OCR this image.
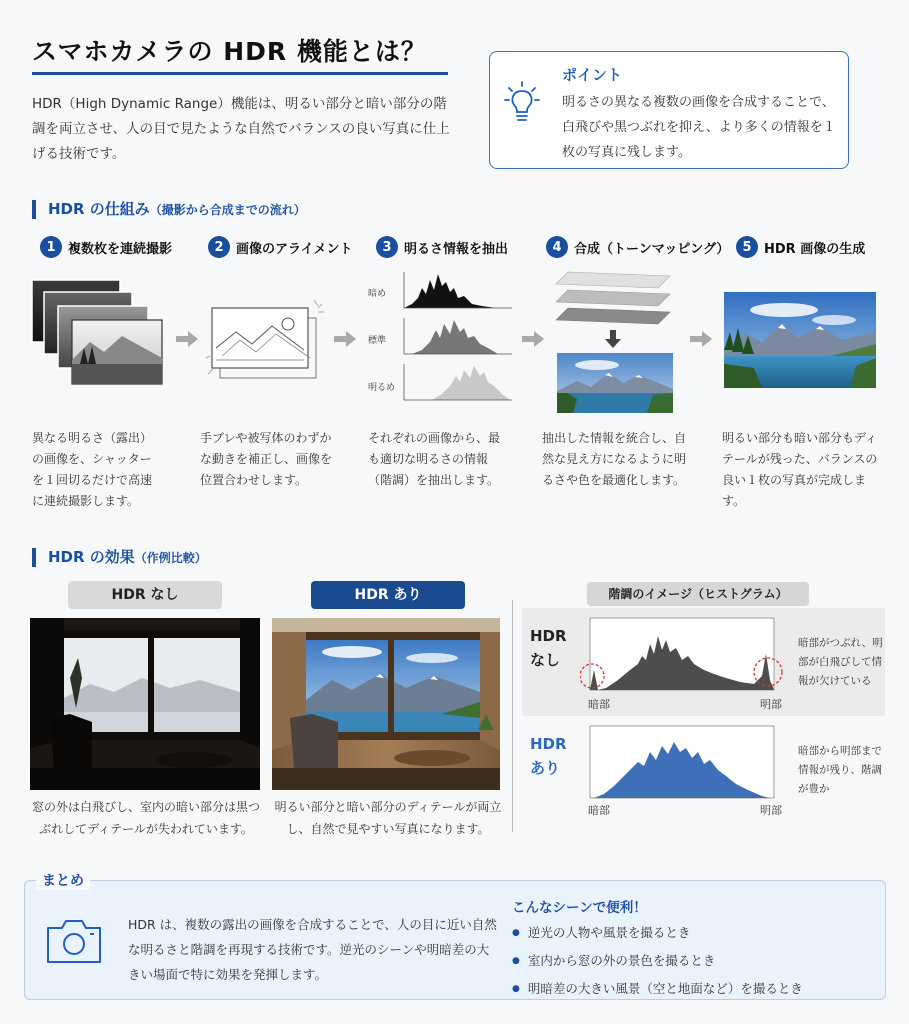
スマホカメラの HDR 機能とは？
HDR（High Dynamic Range）機能は、明るい部分と暗い部分の階調を両立させ、人の目で見たような自然でバランスの良い写真に仕上げる技術です。
ポイント
明るさの異なる複数の画像を合成することで、白飛びや黒つぶれを抑え、より多くの情報を１枚の写真に残します。
HDR の仕組み（撮影から合成までの流れ）
1 複数枚を連続撮影	2 画像のアライメント	3 明るさ情報を抽出	4 合成（トーンマッピング）	5 HDR 画像の生成
暗め
標準
明るめ
異なる明るさ（露出）の画像を、シャッターを１回切るだけで高速に連続撮影します。
手ブレや被写体のわずかな動きを補正し、画像を位置合わせします。
それぞれの画像から、最も適切な明るさの情報（階調）を抽出します。
抽出した情報を統合し、自然な見え方になるように明るさや色を最適化します。
明るい部分も暗い部分もディテールが残った、バランスの良い１枚の写真が完成します。
HDR の効果（作例比較）
HDR なし	HDR あり
窓の外は白飛びし、室内の暗い部分は黒つぶれしてディテールが失われています。
明るい部分と暗い部分のディテールが両立し、自然で見やすい写真になります。
階調のイメージ（ヒストグラム）
HDR
なし
暗部	明部
暗部がつぶれ、明部が白飛びして情報が欠けている
HDR
あり
暗部	明部
暗部から明部まで情報が残り、階調が豊か
まとめ
HDR は、複数の露出の画像を合成することで、人の目に近い自然な明るさと階調を再現する技術です。逆光のシーンや明暗差の大きい場面で特に効果を発揮します。
こんなシーンで便利！
● 逆光の人物や風景を撮るとき
● 室内から窓の外の景色を撮るとき
● 明暗差の大きい風景（空と地面など）を撮るとき
